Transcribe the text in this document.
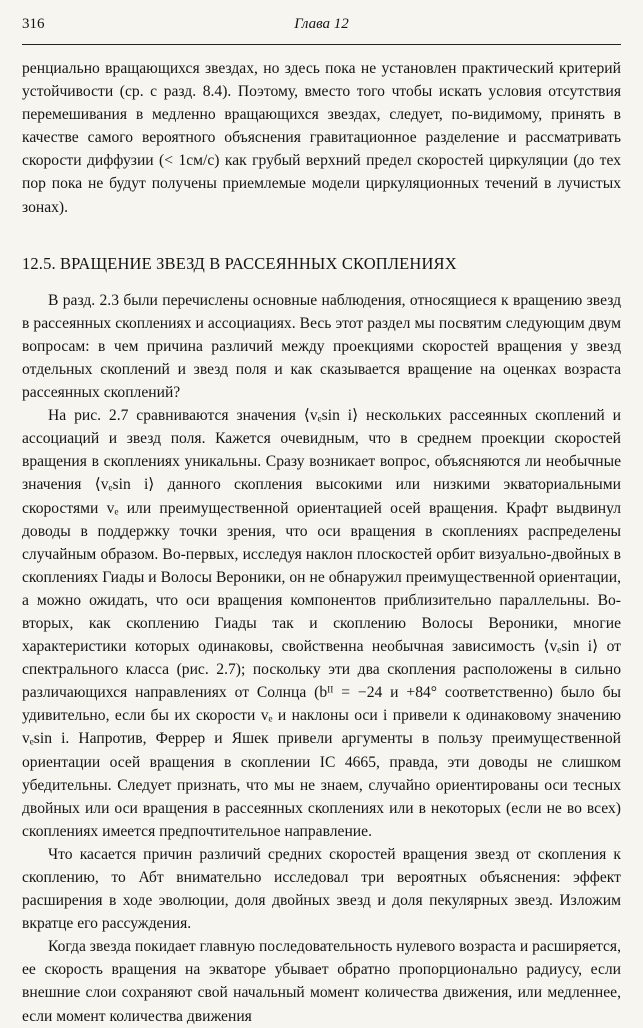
316	Глава 12

ренциально вращающихся звездах, но здесь пока не установлен практический критерий устойчивости (ср. с разд. 8.4). Поэтому, вместо того чтобы искать условия отсутствия перемешивания в медленно вращающихся звездах, следует, по-видимому, принять в качестве самого вероятного объяснения гравитационное разделение и рассматривать скорости диффузии (< 1см/с) как грубый верхний предел скоростей циркуляции (до тех пор пока не будут получены приемлемые модели циркуляционных течений в лучистых зонах).

12.5. ВРАЩЕНИЕ ЗВЕЗД В РАССЕЯННЫХ СКОПЛЕНИЯХ

В разд. 2.3 были перечислены основные наблюдения, относящиеся к вращению звезд в рассеянных скоплениях и ассоциациях. Весь этот раздел мы посвятим следующим двум вопросам: в чем причина различий между проекциями скоростей вращения у звезд отдельных скоплений и звезд поля и как сказывается вращение на оценках возраста рассеянных скоплений?

На рис. 2.7 сравниваются значения ⟨vₑsin i⟩ нескольких рассеянных скоплений и ассоциаций и звезд поля. Кажется очевидным, что в среднем проекции скоростей вращения в скоплениях уникальны. Сразу возникает вопрос, объясняются ли необычные значения ⟨vₑsin i⟩ данного скопления высокими или низкими экваториальными скоростями vₑ или преимущественной ориентацией осей вращения. Крафт выдвинул доводы в поддержку точки зрения, что оси вращения в скоплениях распределены случайным образом. Во-первых, исследуя наклон плоскостей орбит визуально-двойных в скоплениях Гиады и Волосы Вероники, он не обнаружил преимущественной ориентации, а можно ожидать, что оси вращения компонентов приблизительно параллельны. Во-вторых, как скоплению Гиады так и скоплению Волосы Вероники, многие характеристики которых одинаковы, свойственна необычная зависимость ⟨vₑsin i⟩ от спектрального класса (рис. 2.7); поскольку эти два скопления расположены в сильно различающихся направлениях от Солнца (bᴵᴵ = −24 и +84° соответственно) было бы удивительно, если бы их скорости vₑ и наклоны оси i привели к одинаковому значению vₑsin i. Напротив, Феррер и Яшек привели аргументы в пользу преимущественной ориентации осей вращения в скоплении IC 4665, правда, эти доводы не слишком убедительны. Следует признать, что мы не знаем, случайно ориентированы оси тесных двойных или оси вращения в рассеянных скоплениях или в некоторых (если не во всех) скоплениях имеется предпочтительное направление.

Что касается причин различий средних скоростей вращения звезд от скопления к скоплению, то Абт внимательно исследовал три вероятных объяснения: эффект расширения в ходе эволюции, доля двойных звезд и доля пекулярных звезд. Изложим вкратце его рассуждения.

Когда звезда покидает главную последовательность нулевого возраста и расширяется, ее скорость вращения на экваторе убывает обратно пропорционально радиусу, если внешние слои сохраняют свой начальный момент количества движения, или медленнее, если момент количества движения
